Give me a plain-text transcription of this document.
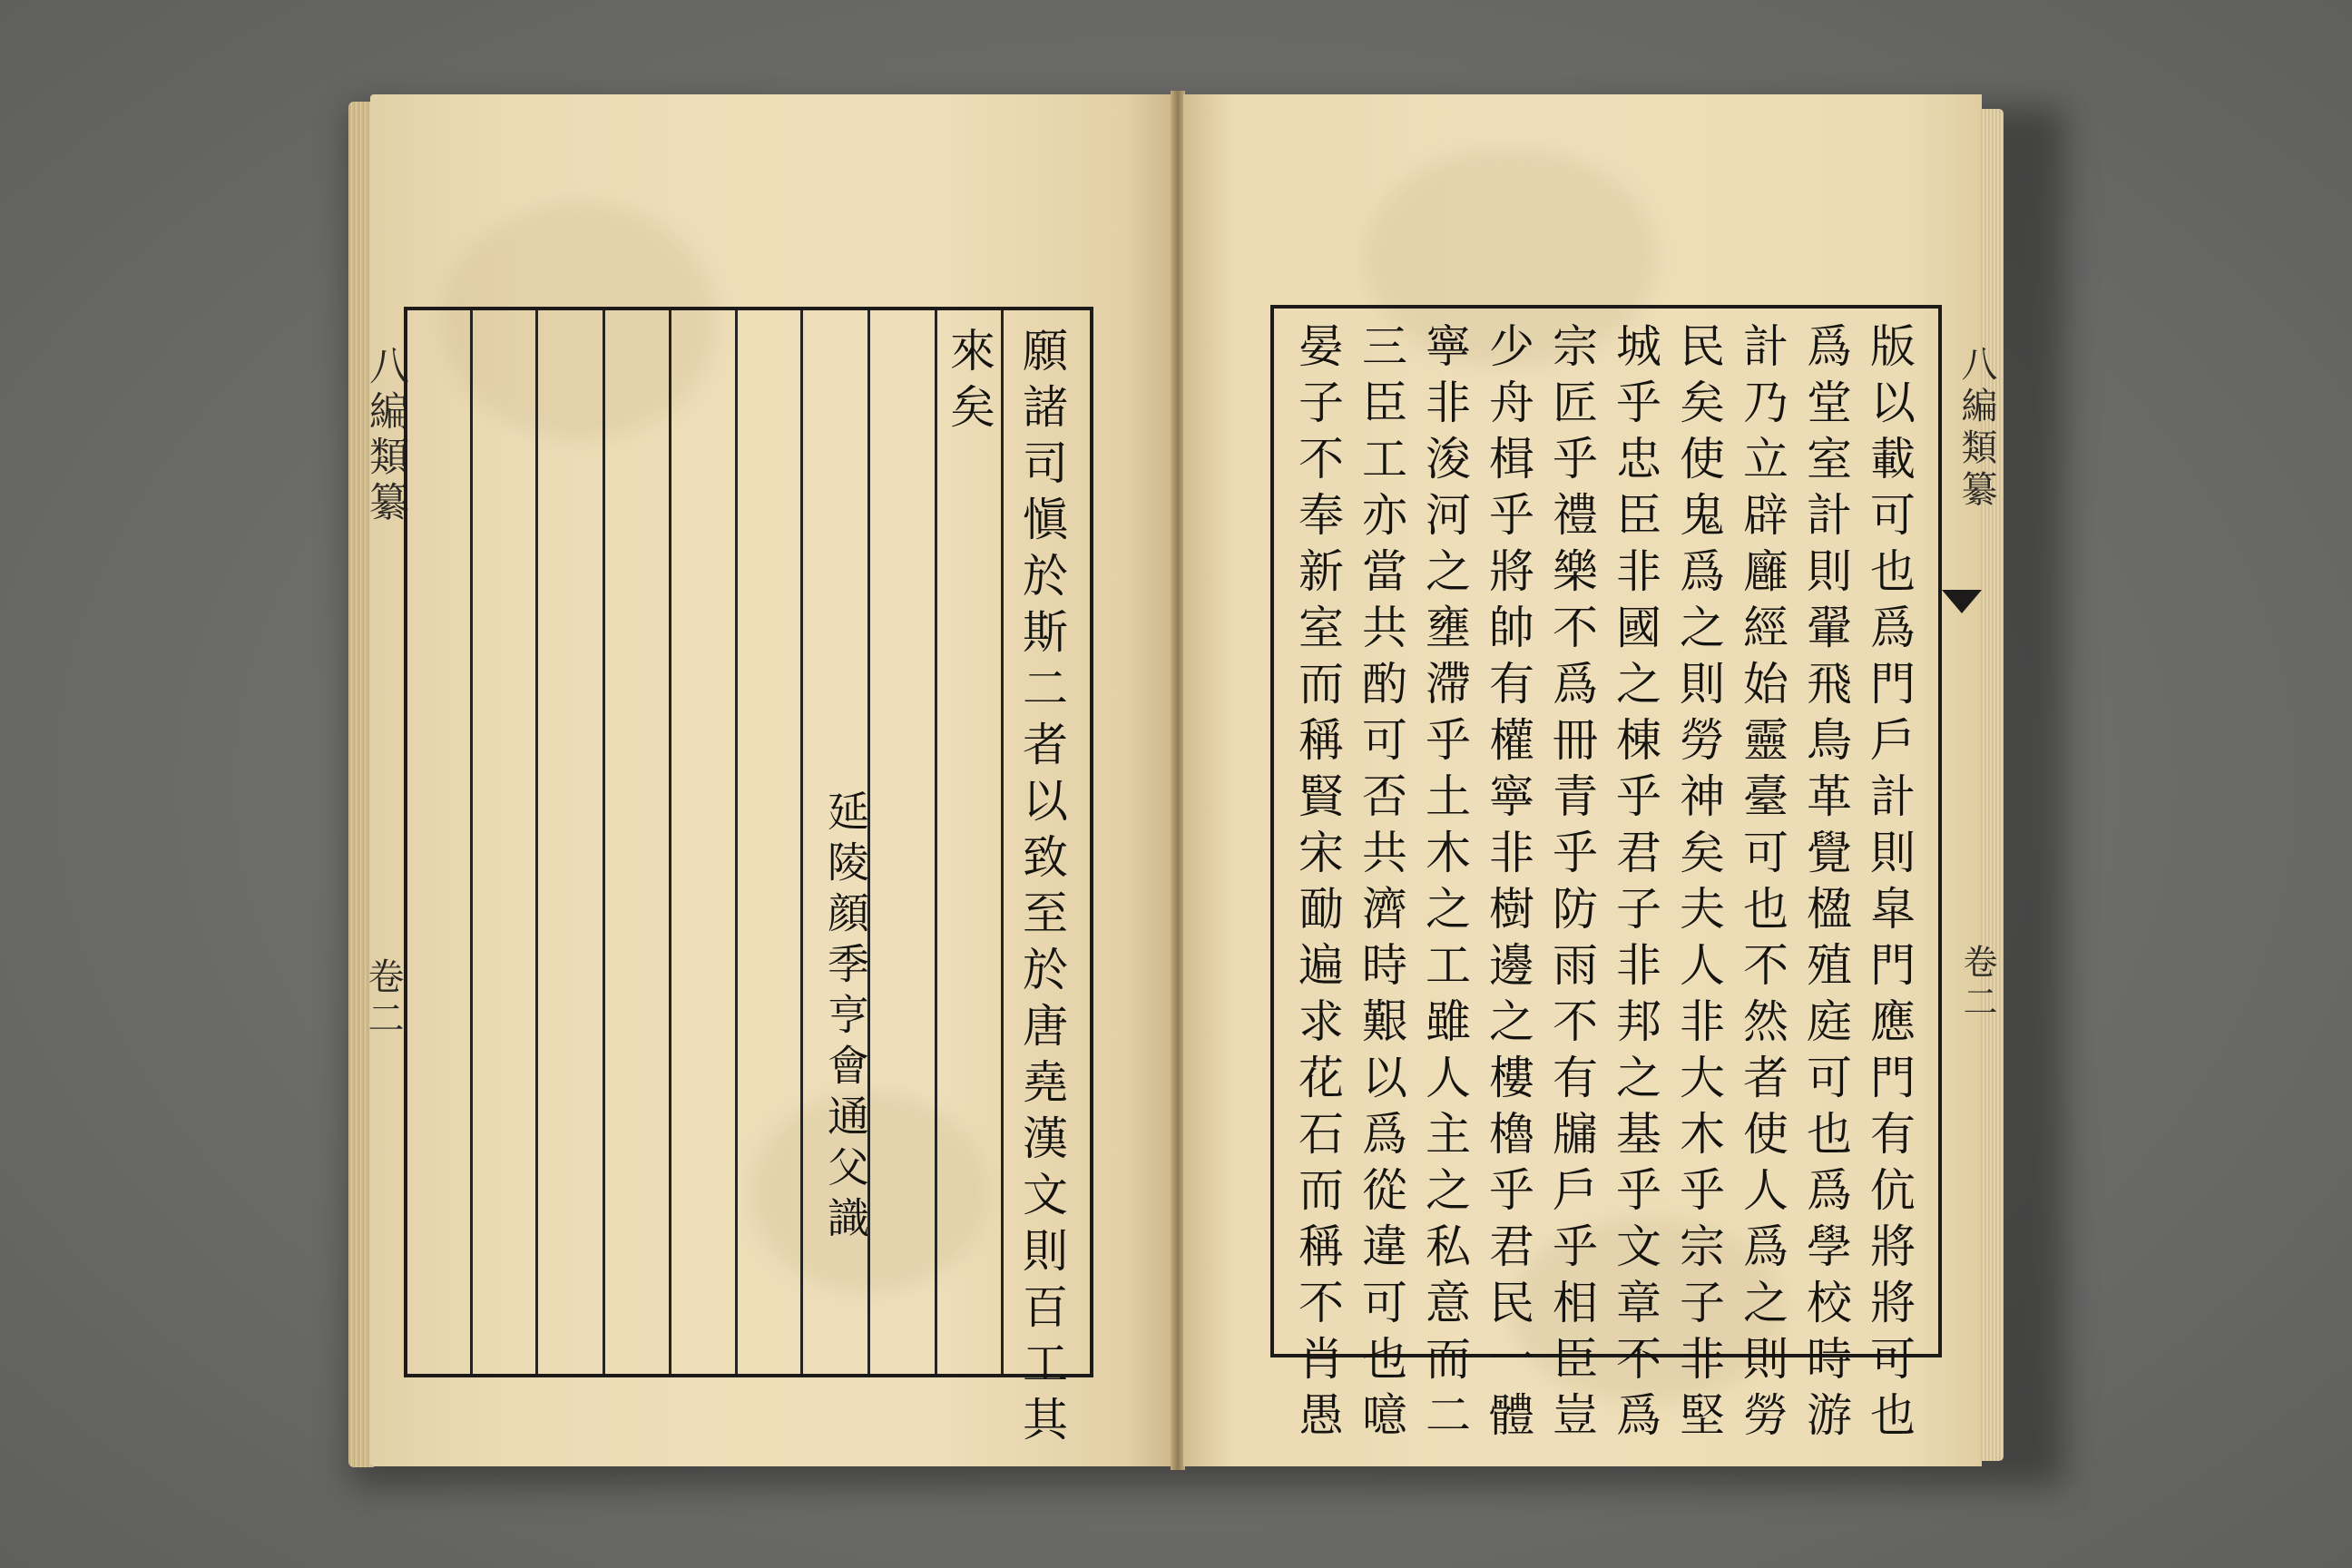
八編類纂
卷二	願諸司愼於斯二者以致至於唐堯漢文則百工其
來矣
延陵顔季亨會通父識
八編類纂
卷二
版以載可也爲門戶計則皐門應門有伉將將可也
爲堂室計則翬飛鳥革覺楹殖庭可也爲學校時游
計乃立辟廱經始靈臺可也不然者使人爲之則勞
民矣使鬼爲之則勞神矣夫人非大木乎宗子非堅
城乎忠臣非國之棟乎君子非邦之基乎文章不爲
宗匠乎禮樂不爲冊青乎防雨不有牖戶乎相臣豈
少舟楫乎將帥有權寧非樹邊之樓櫓乎君民一體
寧非浚河之壅滯乎土木之工雖人主之私意而二
三臣工亦當共酌可否共濟時艱以爲從違可也噫
晏子不奉新室而稱賢宋勔遍求花石而稱不肖愚
